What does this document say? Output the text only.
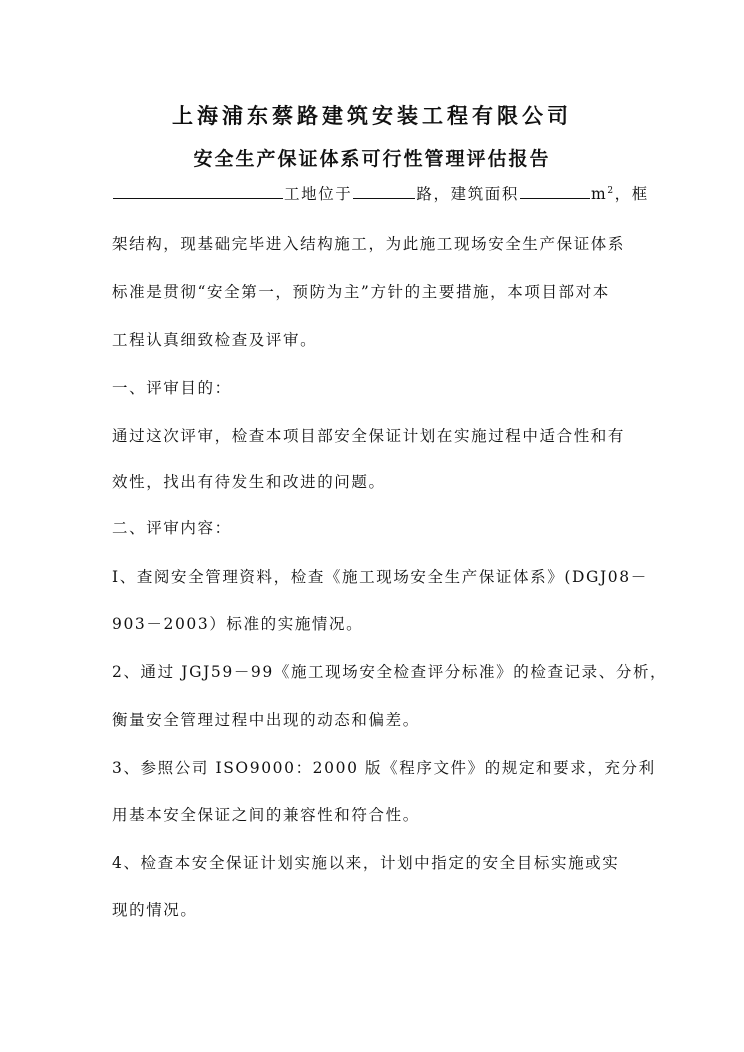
上海浦东蔡路建筑安装工程有限公司
安全生产保证体系可行性管理评估报告
工地位于	路，建筑面积	$m^2$，框
架结构，现基础完毕进入结构施工，为此施工现场安全生产保证体系
标准是贯彻“安全第一，预防为主”方针的主要措施，本项目部对本
工程认真细致检查及评审。
一、评审目的：
通过这次评审，检查本项目部安全保证计划在实施过程中适合性和有
效性，找出有待发生和改进的问题。
二、评审内容：
I、查阅安全管理资料，检查《施工现场安全生产保证体系》(DGJ08－
903－2003）标准的实施情况。
2、通过 JGJ59－99《施工现场安全检查评分标准》的检查记录、分析，
衡量安全管理过程中出现的动态和偏差。
3、参照公司 ISO9000：2000 版《程序文件》的规定和要求，充分利
用基本安全保证之间的兼容性和符合性。
4、检查本安全保证计划实施以来，计划中指定的安全目标实施或实
现的情况。
